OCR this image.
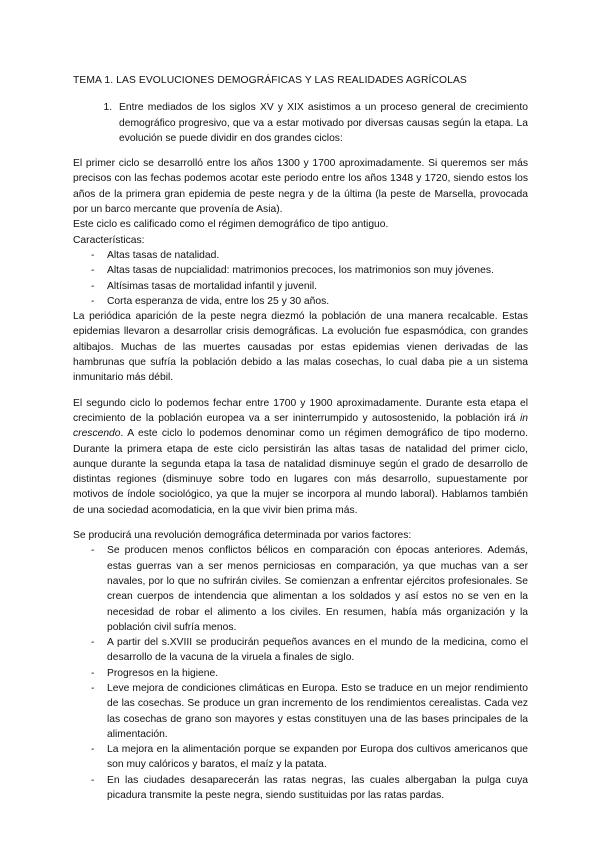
TEMA 1. LAS EVOLUCIONES DEMOGRÁFICAS Y LAS REALIDADES AGRÍCOLAS
1. Entre mediados de los siglos XV y XIX asistimos a un proceso general de crecimiento demográfico progresivo, que va a estar motivado por diversas causas según la etapa. La evolución se puede dividir en dos grandes ciclos:

El primer ciclo se desarrolló entre los años 1300 y 1700 aproximadamente. Si queremos ser más precisos con las fechas podemos acotar este periodo entre los años 1348 y 1720, siendo estos los años de la primera gran epidemia de peste negra y de la última (la peste de Marsella, provocada por un barco mercante que provenía de Asia).

Este ciclo es calificado como el régimen demográfico de tipo antiguo.

Características:

- Altas tasas de natalidad.
- Altas tasas de nupcialidad: matrimonios precoces, los matrimonios son muy jóvenes.
- Altísimas tasas de mortalidad infantil y juvenil.
- Corta esperanza de vida, entre los 25 y 30 años.

La periódica aparición de la peste negra diezmó la población de una manera recalcable. Estas epidemias llevaron a desarrollar crisis demográficas. La evolución fue espasmódica, con grandes altibajos. Muchas de las muertes causadas por estas epidemias vienen derivadas de las hambrunas que sufría la población debido a las malas cosechas, lo cual daba pie a un sistema inmunitario más débil.

El segundo ciclo lo podemos fechar entre 1700 y 1900 aproximadamente. Durante esta etapa el crecimiento de la población europea va a ser ininterrumpido y autosostenido, la población irá in crescendo. A este ciclo lo podemos denominar como un régimen demográfico de tipo moderno. Durante la primera etapa de este ciclo persistirán las altas tasas de natalidad del primer ciclo, aunque durante la segunda etapa la tasa de natalidad disminuye según el grado de desarrollo de distintas regiones (disminuye sobre todo en lugares con más desarrollo, supuestamente por motivos de índole sociológico, ya que la mujer se incorpora al mundo laboral). Hablamos también de una sociedad acomodaticia, en la que vivir bien prima más.

Se producirá una revolución demográfica determinada por varios factores:

- Se producen menos conflictos bélicos en comparación con épocas anteriores. Además, estas guerras van a ser menos perniciosas en comparación, ya que muchas van a ser navales, por lo que no sufrirán civiles. Se comienzan a enfrentar ejércitos profesionales. Se crean cuerpos de intendencia que alimentan a los soldados y así estos no se ven en la necesidad de robar el alimento a los civiles. En resumen, había más organización y la población civil sufría menos.
- A partir del s.XVIII se producirán pequeños avances en el mundo de la medicina, como el desarrollo de la vacuna de la viruela a finales de siglo.
- Progresos en la higiene.
- Leve mejora de condiciones climáticas en Europa. Esto se traduce en un mejor rendimiento de las cosechas. Se produce un gran incremento de los rendimientos cerealistas. Cada vez las cosechas de grano son mayores y estas constituyen una de las bases principales de la alimentación.
- La mejora en la alimentación porque se expanden por Europa dos cultivos americanos que son muy calóricos y baratos, el maíz y la patata.
- En las ciudades desaparecerán las ratas negras, las cuales albergaban la pulga cuya picadura transmite la peste negra, siendo sustituidas por las ratas pardas.
